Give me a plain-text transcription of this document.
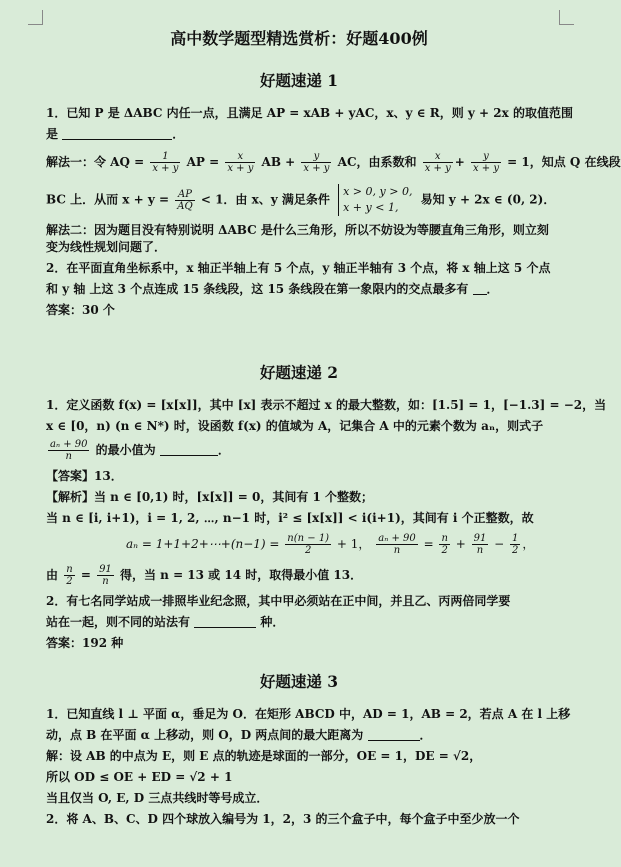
高中数学题型精选赏析：好题400例
好题速递 1
1．已知 P 是 ΔABC 内任一点，且满足 AP = xAB + yAC，x、y ∈ R，则 y + 2x 的取值范围
是	．
解法一：令 AQ = $\frac{1}{x + y}$ AP = $\frac{x}{x + y}$ AB + $\frac{y}{x + y}$ AC，由系数和 $\frac{x}{x + y} + \frac{y}{x + y} = 1$，知点 Q 在线段
BC 上．从而 $x + y = \frac{AP}{AQ} < 1$．由 x、y 满足条件 x > 0, y > 0,
x + y < 1, 易知 y + 2x ∈ (0, 2)．
解法二：因为题目没有特别说明 ΔABC 是什么三角形，所以不妨设为等腰直角三角形，则立刻变为线性规划问题了．
2．在平面直角坐标系中，x 轴正半轴上有 5 个点，y 轴正半轴有 3 个点，将 x 轴上这 5 个点
和 y 轴 上这 3 个点连成 15 条线段，这 15 条线段在第一象限内的交点最多有 ．
答案：30 个
好题速递 2
1．定义函数 f(x) = [x[x]]，其中 [x] 表示不超过 x 的最大整数，如：[1.5] = 1，[−1.3] = −2，当
x ∈ [0，n) (n ∈ N*) 时，设函数 f(x) 的值域为 A，记集合 A 中的元素个数为 aₙ，则式子
$\frac{\text{aₙ + 90}}{n}$ 的最小值为	．
【答案】13．
【解析】当 n ∈ [0,1) 时，[x[x]] = 0，其间有 1 个整数；
当 n ∈ [i, i+1)，i = 1, 2, ⋯, n−1 时，i² ≤ [x[x]] < i(i+1)，其间有 i 个正整数，故
aₙ = 1+1+2+⋯+(n−1) = $\frac{n(n - 1)}{2} + 1$， $\frac{\text{aₙ + 90}}{n} = \frac{n}{2} + \frac{91}{n} - \frac{1}{2}$ ，
由 $\frac{n}{2} = \frac{91}{n}$ 得，当 n = 13 或 14 时，取得最小值 13．
2．有七名同学站成一排照毕业纪念照，其中甲必须站在正中间，并且乙、丙两倍同学要
站在一起，则不同的站法有	种．
答案：192 种
好题速递 3
1．已知直线 l ⊥ 平面 α，垂足为 O．在矩形 ABCD 中，AD = 1，AB = 2，若点 A 在 l 上移
动，点 B 在平面 α 上移动，则 O，D 两点间的最大距离为	．
解：设 AB 的中点为 E，则 E 点的轨迹是球面的一部分，OE = 1，DE = √2，
所以 OD ≤ OE + ED = √2 + 1
当且仅当 O, E, D 三点共线时等号成立．
2．将 A、B、C、D 四个球放入编号为 1，2，3 的三个盒子中，每个盒子中至少放一个
